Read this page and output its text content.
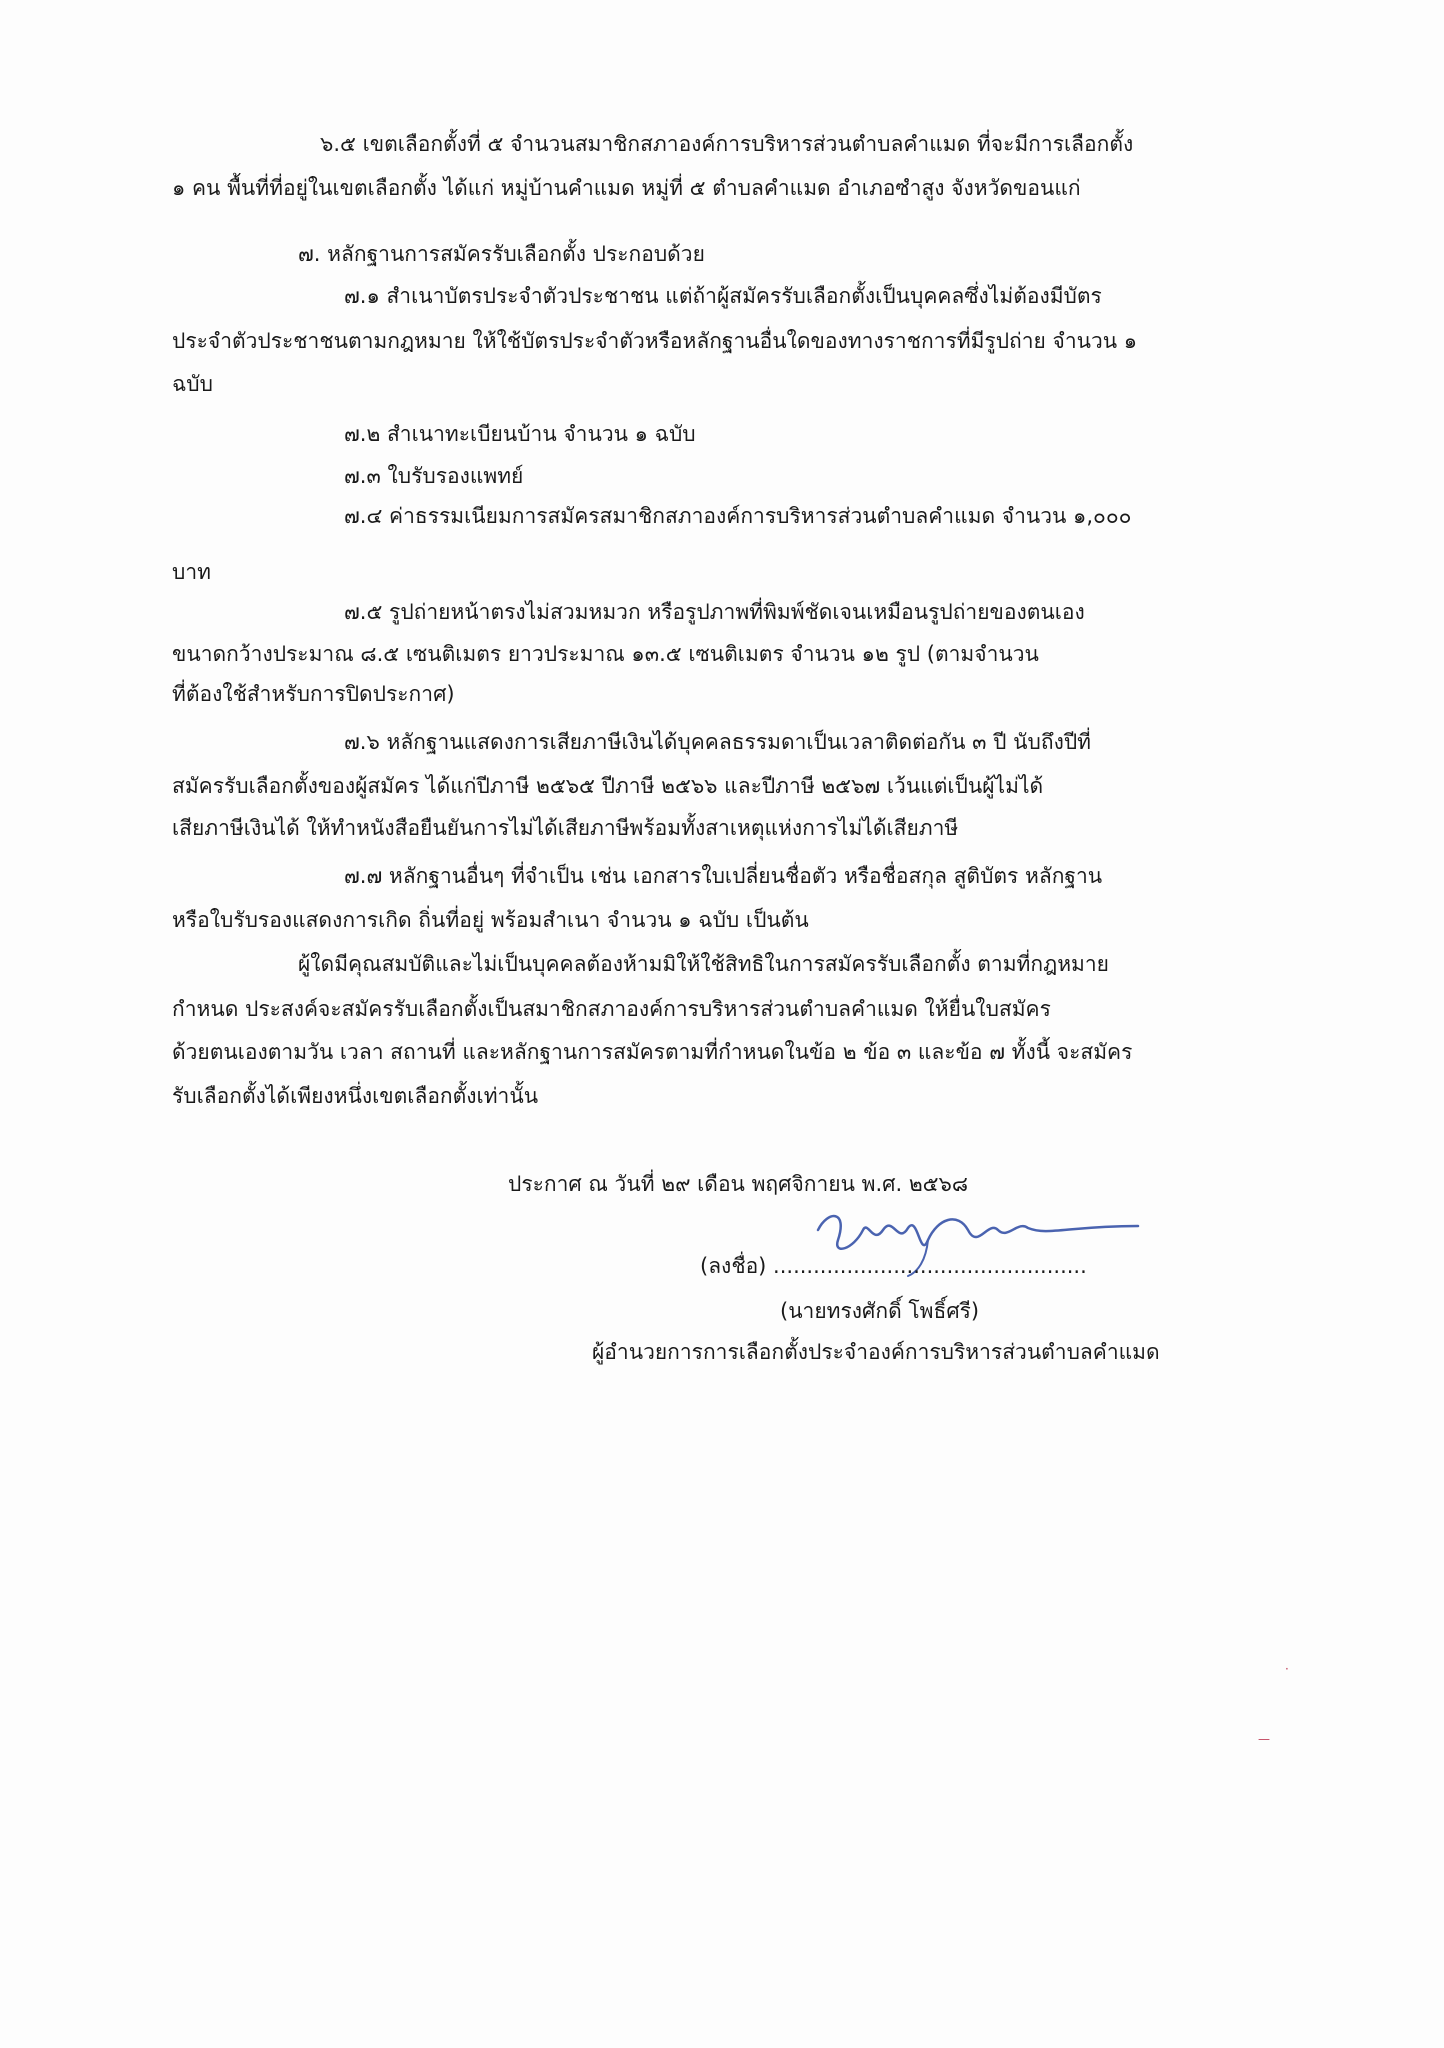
๖.๕ เขตเลือกตั้งที่ ๕ จำนวนสมาชิกสภาองค์การบริหารส่วนตำบลคำแมด ที่จะมีการเลือกตั้ง
๑ คน พื้นที่ที่อยู่ในเขตเลือกตั้ง ได้แก่ หมู่บ้านคำแมด หมู่ที่ ๕ ตำบลคำแมด อำเภอซำสูง จังหวัดขอนแก่
๗. หลักฐานการสมัครรับเลือกตั้ง ประกอบด้วย
๗.๑ สำเนาบัตรประจำตัวประชาชน แต่ถ้าผู้สมัครรับเลือกตั้งเป็นบุคคลซึ่งไม่ต้องมีบัตร
ประจำตัวประชาชนตามกฎหมาย ให้ใช้บัตรประจำตัวหรือหลักฐานอื่นใดของทางราชการที่มีรูปถ่าย จำนวน ๑
ฉบับ
๗.๒ สำเนาทะเบียนบ้าน จำนวน ๑ ฉบับ
๗.๓ ใบรับรองแพทย์
๗.๔ ค่าธรรมเนียมการสมัครสมาชิกสภาองค์การบริหารส่วนตำบลคำแมด จำนวน ๑,๐๐๐
บาท
๗.๕ รูปถ่ายหน้าตรงไม่สวมหมวก หรือรูปภาพที่พิมพ์ชัดเจนเหมือนรูปถ่ายของตนเอง
ขนาดกว้างประมาณ ๘.๕ เซนติเมตร ยาวประมาณ ๑๓.๕ เซนติเมตร จำนวน ๑๒ รูป (ตามจำนวน
ที่ต้องใช้สำหรับการปิดประกาศ)
๗.๖ หลักฐานแสดงการเสียภาษีเงินได้บุคคลธรรมดาเป็นเวลาติดต่อกัน ๓ ปี นับถึงปีที่
สมัครรับเลือกตั้งของผู้สมัคร ได้แก่ปีภาษี ๒๕๖๕ ปีภาษี ๒๕๖๖ และปีภาษี ๒๕๖๗ เว้นแต่เป็นผู้ไม่ได้
เสียภาษีเงินได้ ให้ทำหนังสือยืนยันการไม่ได้เสียภาษีพร้อมทั้งสาเหตุแห่งการไม่ได้เสียภาษี
๗.๗ หลักฐานอื่นๆ ที่จำเป็น เช่น เอกสารใบเปลี่ยนชื่อตัว หรือชื่อสกุล สูติบัตร หลักฐาน
หรือใบรับรองแสดงการเกิด ถิ่นที่อยู่ พร้อมสำเนา จำนวน ๑ ฉบับ เป็นต้น
ผู้ใดมีคุณสมบัติและไม่เป็นบุคคลต้องห้ามมิให้ใช้สิทธิในการสมัครรับเลือกตั้ง ตามที่กฎหมาย
กำหนด ประสงค์จะสมัครรับเลือกตั้งเป็นสมาชิกสภาองค์การบริหารส่วนตำบลคำแมด ให้ยื่นใบสมัคร
ด้วยตนเองตามวัน เวลา สถานที่ และหลักฐานการสมัครตามที่กำหนดในข้อ ๒ ข้อ ๓ และข้อ ๗ ทั้งนี้ จะสมัคร
รับเลือกตั้งได้เพียงหนึ่งเขตเลือกตั้งเท่านั้น
ประกาศ ณ วันที่ ๒๙ เดือน พฤศจิกายน พ.ศ. ๒๕๖๘
(ลงชื่อ) ...............................................
(นายทรงศักดิ์ โพธิ์ศรี)
ผู้อำนวยการการเลือกตั้งประจำองค์การบริหารส่วนตำบลคำแมด
·
—
